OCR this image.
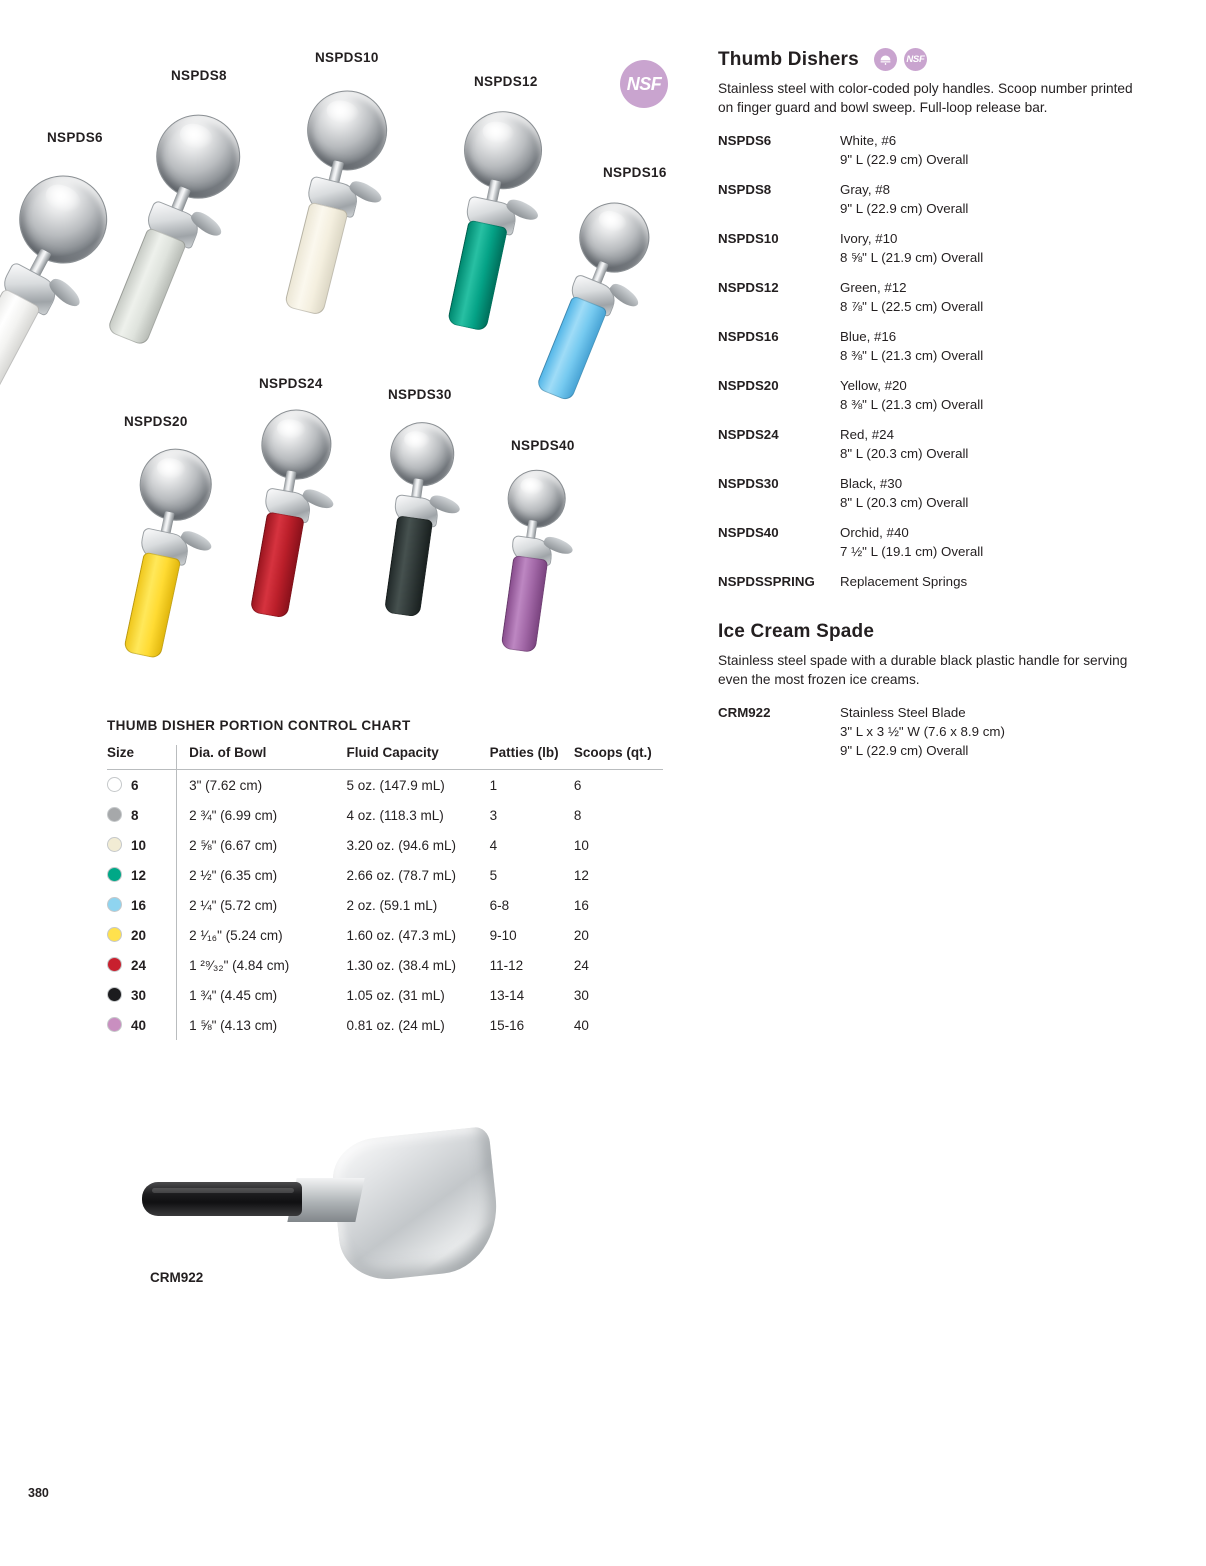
NSF
NSPDS6
NSPDS8
NSPDS10
NSPDS12
NSPDS16
NSPDS20
NSPDS24
NSPDS30
NSPDS40
THUMB DISHER PORTION CONTROL CHART
Size	Dia. of Bowl	Fluid Capacity	Patties (lb)	Scoops (qt.)
6	3" (7.62 cm)	5 oz. (147.9 mL)	1	6
8	2 ¾" (6.99 cm)	4 oz. (118.3 mL)	3	8
10	2 ⅝" (6.67 cm)	3.20 oz. (94.6 mL)	4	10
12	2 ½" (6.35 cm)	2.66 oz. (78.7 mL)	5	12
16	2 ¼" (5.72 cm)	2 oz. (59.1 mL)	6-8	16
20	2 ¹⁄₁₆" (5.24 cm)	1.60 oz. (47.3 mL)	9-10	20
24	1 ²⁹⁄₃₂" (4.84 cm)	1.30 oz. (38.4 mL)	11-12	24
30	1 ¾" (4.45 cm)	1.05 oz. (31 mL)	13-14	30
40	1 ⅝" (4.13 cm)	0.81 oz. (24 mL)	15-16	40
CRM922
Thumb Dishers	NSF
Stainless steel with color-coded poly handles. Scoop number printed on finger guard and bowl sweep. Full-loop release bar.
NSPDS6	White, #6
9" L (22.9 cm) Overall
NSPDS8	Gray, #8
9" L (22.9 cm) Overall
NSPDS10	Ivory, #10
8 ⅝" L (21.9 cm) Overall
NSPDS12	Green, #12
8 ⅞" L (22.5 cm) Overall
NSPDS16	Blue, #16
8 ⅜" L (21.3 cm) Overall
NSPDS20	Yellow, #20
8 ⅜" L (21.3 cm) Overall
NSPDS24	Red, #24
8" L (20.3 cm) Overall
NSPDS30	Black, #30
8" L (20.3 cm) Overall
NSPDS40	Orchid, #40
7 ½" L (19.1 cm) Overall
NSPDSSPRING	Replacement Springs
Ice Cream Spade
Stainless steel spade with a durable black plastic handle for serving even the most frozen ice creams.
CRM922	Stainless Steel Blade
3" L x 3 ½" W (7.6 x 8.9 cm)
9" L (22.9 cm) Overall
380
